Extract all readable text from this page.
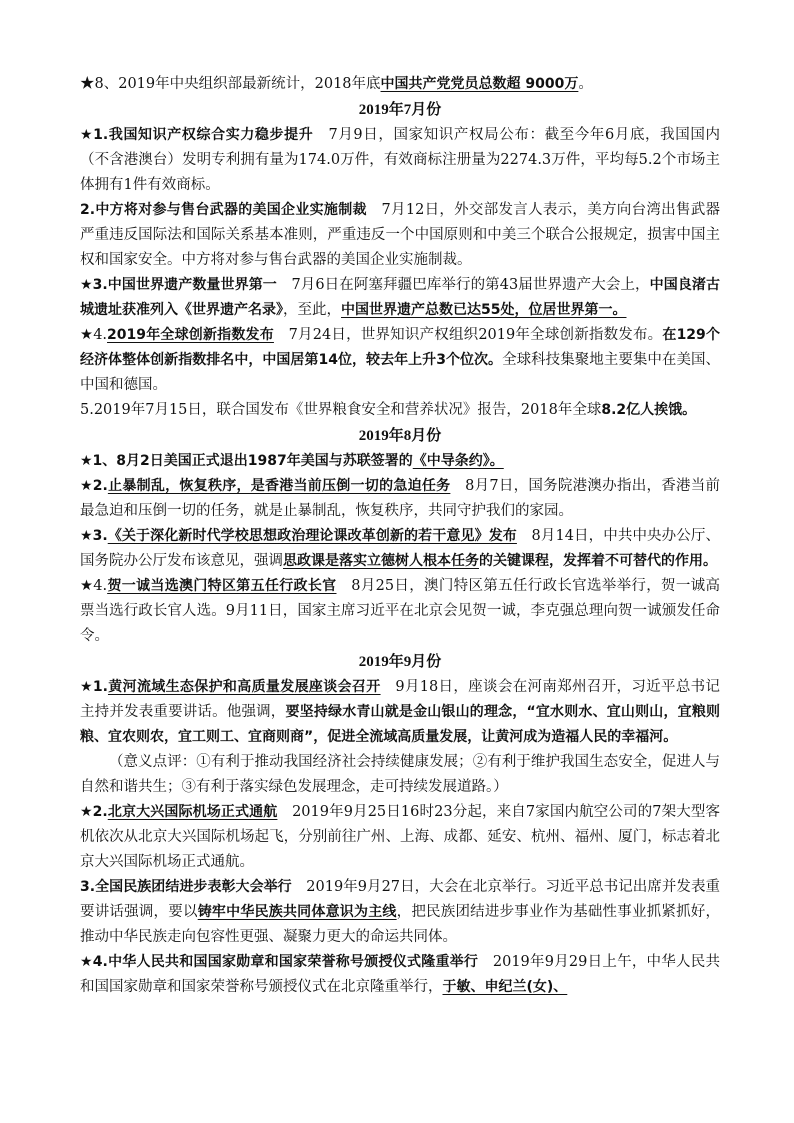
★8、2019年中央组织部最新统计，2018年底中国共产党党员总数超 9000万。

2019年7月份

★1.我国知识产权综合实力稳步提升　7月9日，国家知识产权局公布：截至今年6月底，我国国内（不含港澳台）发明专利拥有量为174.0万件，有效商标注册量为2274.3万件，平均每5.2个市场主体拥有1件有效商标。

2.中方将对参与售台武器的美国企业实施制裁　7月12日，外交部发言人表示，美方向台湾出售武器严重违反国际法和国际关系基本准则，严重违反一个中国原则和中美三个联合公报规定，损害中国主权和国家安全。中方将对参与售台武器的美国企业实施制裁。

★3.中国世界遗产数量世界第一　7月6日在阿塞拜疆巴库举行的第43届世界遗产大会上，中国良渚古城遗址获准列入《世界遗产名录》，至此，中国世界遗产总数已达55处，位居世界第一。

★4.2019年全球创新指数发布　7月24日，世界知识产权组织2019年全球创新指数发布。在129个经济体整体创新指数排名中，中国居第14位，较去年上升3个位次。全球科技集聚地主要集中在美国、中国和德国。

5.2019年7月15日，联合国发布《世界粮食安全和营养状况》报告，2018年全球8.2亿人挨饿。

2019年8月份

★1、8月2日美国正式退出1987年美国与苏联签署的《中导条约》。

★2.止暴制乱，恢复秩序，是香港当前压倒一切的急迫任务　8月7日，国务院港澳办指出，香港当前最急迫和压倒一切的任务，就是止暴制乱，恢复秩序，共同守护我们的家园。

★3.《关于深化新时代学校思想政治理论课改革创新的若干意见》发布　8月14日，中共中央办公厅、国务院办公厅发布该意见，强调思政课是落实立德树人根本任务的关键课程，发挥着不可替代的作用。

★4.贺一诚当选澳门特区第五任行政长官　8月25日，澳门特区第五任行政长官选举举行，贺一诚高票当选行政长官人选。9月11日，国家主席习近平在北京会见贺一诚，李克强总理向贺一诚颁发任命令。

2019年9月份

★1.黄河流域生态保护和高质量发展座谈会召开　9月18日，座谈会在河南郑州召开，习近平总书记主持并发表重要讲话。他强调，要坚持绿水青山就是金山银山的理念，“宜水则水、宜山则山，宜粮则粮、宜农则农，宜工则工、宜商则商”，促进全流域高质量发展，让黄河成为造福人民的幸福河。

（意义点评：①有利于推动我国经济社会持续健康发展；②有利于维护我国生态安全，促进人与自然和谐共生；③有利于落实绿色发展理念，走可持续发展道路。）

★2.北京大兴国际机场正式通航　2019年9月25日16时23分起，来自7家国内航空公司的7架大型客机依次从北京大兴国际机场起飞，分别前往广州、上海、成都、延安、杭州、福州、厦门，标志着北京大兴国际机场正式通航。

3.全国民族团结进步表彰大会举行　2019年9月27日，大会在北京举行。习近平总书记出席并发表重要讲话强调，要以铸牢中华民族共同体意识为主线，把民族团结进步事业作为基础性事业抓紧抓好，推动中华民族走向包容性更强、凝聚力更大的命运共同体。

★4.中华人民共和国国家勋章和国家荣誉称号颁授仪式隆重举行　2019年9月29日上午，中华人民共和国国家勋章和国家荣誉称号颁授仪式在北京隆重举行，于敏、申纪兰(女)、
